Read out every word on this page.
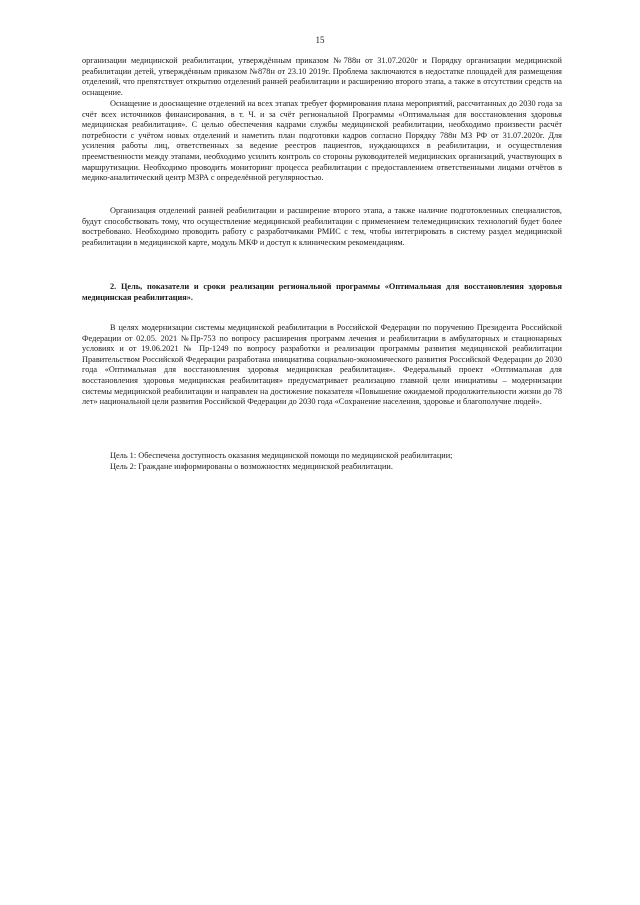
15

организации медицинской реабилитации, утверждённым приказом №788н от 31.07.2020г и Порядку организации медицинской реабилитации детей, утверждённым приказом №878н от 23.10 2019г. Проблема заключаются в недостатке площадей для размещения отделений, что препятствует открытию отделений ранней реабилитации и расширению второго этапа, а также в отсутствии средств на оснащение.

Оснащение и дооснащение отделений на всех этапах требует формирования плана мероприятий, рассчитанных до 2030 года за счёт всех источников финансирования, в т. Ч. и за счёт региональной Программы «Оптимальная для восстановления здоровья медицинская реабилитация». С целью обеспечения кадрами службы медицинской реабилитации, необходимо произвести расчёт потребности с учётом новых отделений и наметить план подготовки кадров согласно Порядку 788н МЗ РФ от 31.07.2020г. Для усиления работы лиц, ответственных за ведение реестров пациентов, нуждающихся в реабилитации, и осуществления преемственности между этапами, необходимо усилить контроль со стороны руководителей медицинских организаций, участвующих в маршрутизации. Необходимо проводить мониторинг процесса реабилитации с предоставлением ответственными лицами отчётов в медико-аналитический центр МЗРА с определённой регулярностью.

Организация отделений ранней реабилитации и расширение второго этапа, а также наличие подготовленных специалистов, будут способствовать тому, что осуществление медицинской реабилитации с применением телемедицинских технологий будет более востребовано. Необходимо проводить работу с разработчиками РМИС с тем, чтобы интегрировать в систему раздел медицинской реабилитации в медицинской карте, модуль МКФ и доступ к клиническим рекомендациям.

2. Цель, показатели и сроки реализации региональной программы «Оптимальная для восстановления здоровья медицинская реабилитация».

В целях модернизации системы медицинской реабилитации в Российской Федерации по поручению Президента Российской Федерации от 02.05. 2021 №Пр-753 по вопросу расширения программ лечения и реабилитации в амбулаторных и стационарных условиях и от 19.06.2021 № Пр-1249 по вопросу разработки и реализации программы развития медицинской реабилитации Правительством Российской Федерации разработана инициатива социально-экономического развития Российской Федерации до 2030 года «Оптимальная для восстановления здоровья медицинская реабилитация». Федеральный проект «Оптимальная для восстановления здоровья медицинская реабилитация» предусматривает реализацию главной цели инициативы – модернизации системы медицинской реабилитации и направлен на достижение показателя «Повышение ожидаемой продолжительности жизни до 78 лет» национальной цели развития Российской Федерации до 2030 года «Сохранение населения, здоровье и благополучие людей».

Цель 1: Обеспечена доступность оказания медицинской помощи по медицинской реабилитации;

Цель 2: Граждане информированы о возможностях медицинской реабилитации.
